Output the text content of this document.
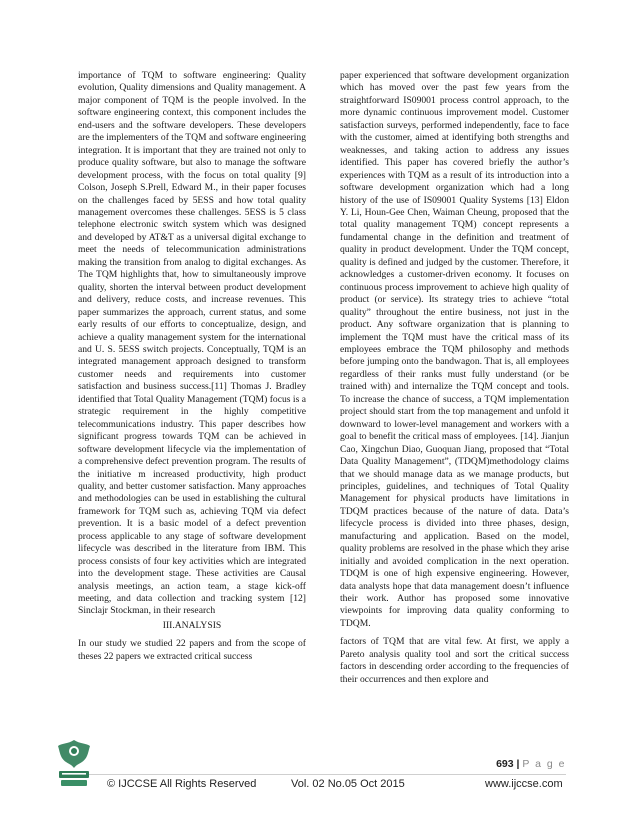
importance of TQM to software engineering: Quality evolution, Quality dimensions and Quality management. A major component of TQM is the people involved. In the software engineering context, this component includes the end-users and the software developers. These developers are the implementers of the TQM and software engineering integration. It is important that they are trained not only to produce quality software, but also to manage the software development process, with the focus on total quality [9] Colson, Joseph S.Prell, Edward M., in their paper focuses on the challenges faced by 5ESS and how total quality management overcomes these challenges. 5ESS is 5 class telephone electronic switch system which was designed and developed by AT&T as a universal digital exchange to meet the needs of telecommunication administrations making the transition from analog to digital exchanges. As The TQM highlights that, how to simultaneously improve quality, shorten the interval between product development and delivery, reduce costs, and increase revenues. This paper summarizes the approach, current status, and some early results of our efforts to conceptualize, design, and achieve a quality management system for the international and U. S. 5ESS switch projects. Conceptually, TQM is an integrated management approach designed to transform customer needs and requirements into customer satisfaction and business success.[11] Thomas J. Bradley identified that Total Quality Management (TQM) focus is a strategic requirement in the highly competitive telecommunications industry. This paper describes how significant progress towards TQM can be achieved in software development lifecycle via the implementation of a comprehensive defect prevention program. The results of the initiative m increased productivity, high product quality, and better customer satisfaction. Many approaches and methodologies can be used in establishing the cultural framework for TQM such as, achieving TQM via defect prevention. It is a basic model of a defect prevention process applicable to any stage of software development lifecycle was described in the literature from IBM. This process consists of four key activities which are integrated into the development stage. These activities are Causal analysis meetings, an action team, a stage kick-off meeting, and data collection and tracking system [12] Sinclajr Stockman, in their research

III.ANALYSIS

In our study we studied 22 papers and from the scope of theses 22 papers we extracted critical success

paper experienced that software development organization which has moved over the past few years from the straightforward IS09001 process control approach, to the more dynamic continuous improvement model. Customer satisfaction surveys, performed independently, face to face with the customer, aimed at identifying both strengths and weaknesses, and taking action to address any issues identified. This paper has covered briefly the author’s experiences with TQM as a result of its introduction into a software development organization which had a long history of the use of IS09001 Quality Systems [13] Eldon Y. Li, Houn-Gee Chen, Waiman Cheung, proposed that the total quality management TQM) concept represents a fundamental change in the definition and treatment of quality in product development. Under the TQM concept, quality is defined and judged by the customer. Therefore, it acknowledges a customer-driven economy. It focuses on continuous process improvement to achieve high quality of product (or service). Its strategy tries to achieve “total quality” throughout the entire business, not just in the product. Any software organization that is planning to implement the TQM must have the critical mass of its employees embrace the TQM philosophy and methods before jumping onto the bandwagon. That is, all employees regardless of their ranks must fully understand (or be trained with) and internalize the TQM concept and tools. To increase the chance of success, a TQM implementation project should start from the top management and unfold it downward to lower-level management and workers with a goal to benefit the critical mass of employees. [14]. Jianjun Cao, Xingchun Diao, Guoquan Jiang, proposed that “Total Data Quality Management”, (TDQM)methodology claims that we should manage data as we manage products, but principles, guidelines, and techniques of Total Quality Management for physical products have limitations in TDQM practices because of the nature of data. Data’s lifecycle process is divided into three phases, design, manufacturing and application. Based on the model, quality problems are resolved in the phase which they arise initially and avoided complication in the next operation. TDQM is one of high expensive engineering. However, data analysts hope that data management doesn’t influence their work. Author has proposed some innovative viewpoints for improving data quality conforming to TDQM.

factors of TQM that are vital few. At first, we apply a Pareto analysis quality tool and sort the critical success factors in descending order according to the frequencies of their occurrences and then explore and

693 | P a g e
© IJCCSE All Rights Reserved	Vol. 02 No.05 Oct 2015	www.ijccse.com
